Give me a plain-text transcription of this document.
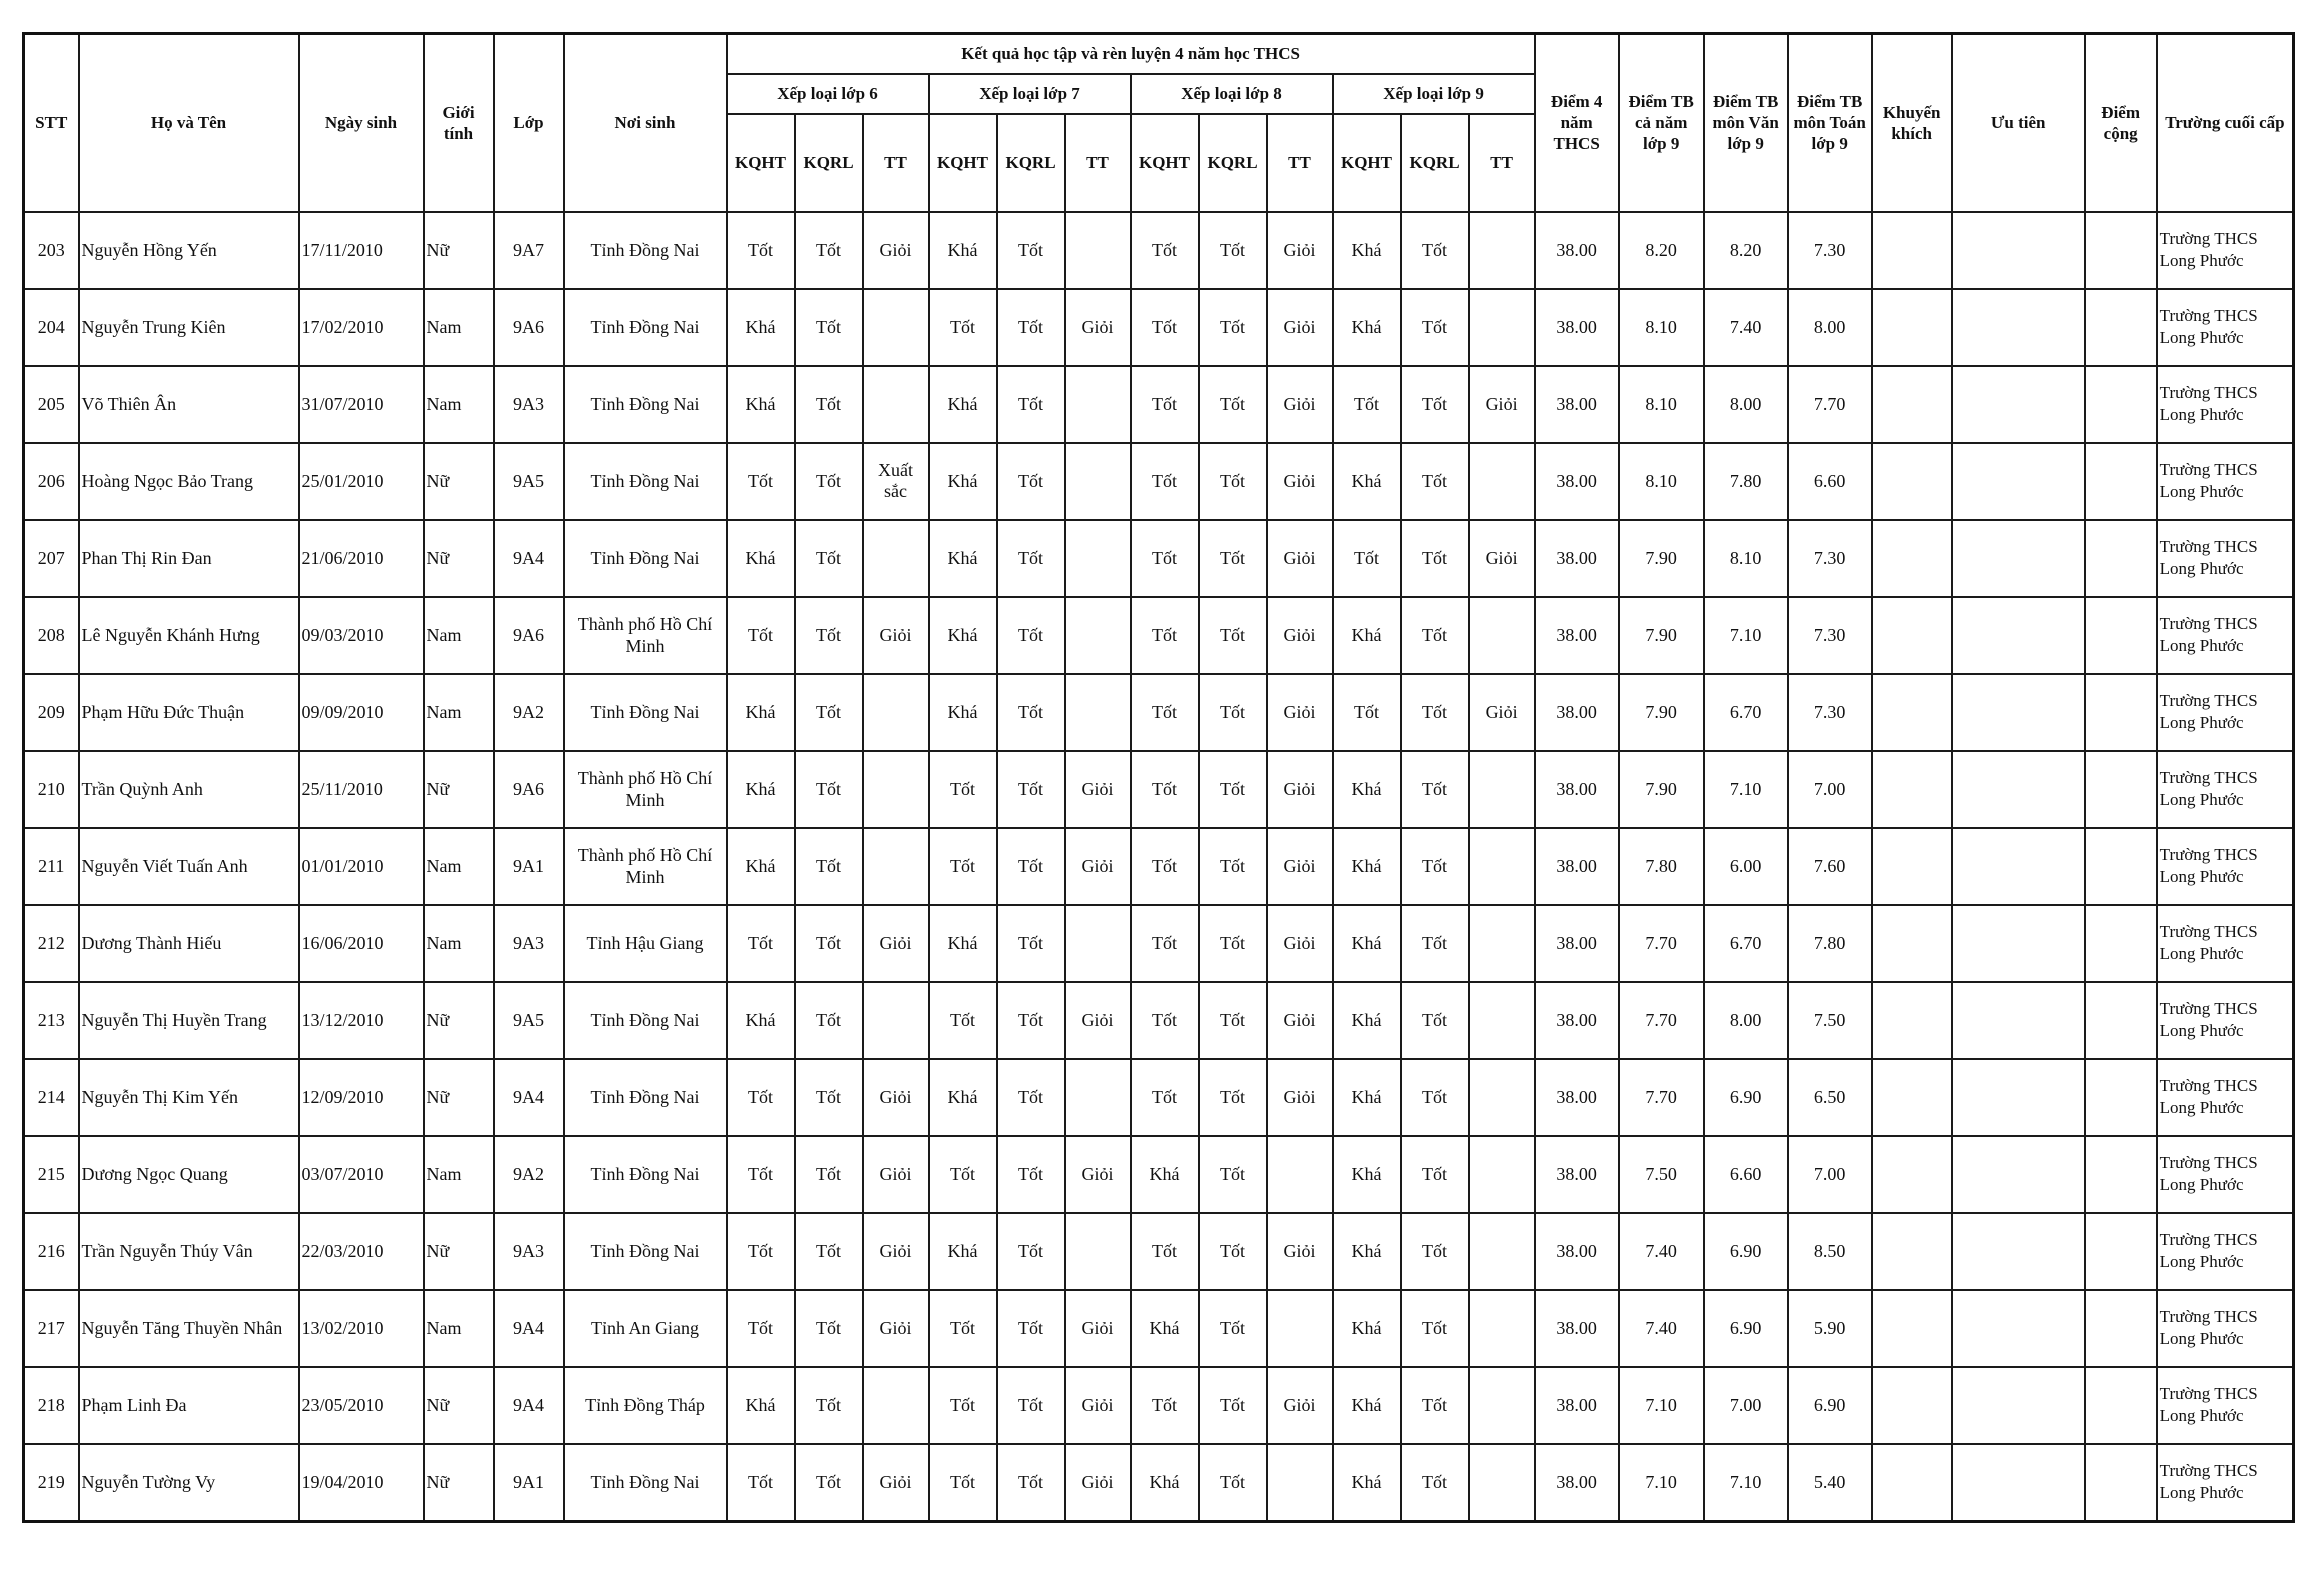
STT	Họ và Tên	Ngày sinh	Giới tính	Lớp	Nơi sinh	Kết quả học tập và rèn luyện 4 năm học THCS												Điểm 4 năm THCS	Điểm TB cả năm lớp 9	Điểm TB môn Văn lớp 9	Điểm TB môn Toán lớp 9	Khuyến khích	Ưu tiên	Điểm cộng	Trường cuối cấp
						Xếp loại lớp 6			Xếp loại lớp 7			Xếp loại lớp 8			Xếp loại lớp 9										
						KQHT	KQRL	TT	KQHT	KQRL	TT	KQHT	KQRL	TT	KQHT	KQRL	TT								
203	Nguyễn Hồng Yến	17/11/2010	Nữ	9A7	Tỉnh Đồng Nai	Tốt	Tốt	Giỏi	Khá	Tốt		Tốt	Tốt	Giỏi	Khá	Tốt		38.00	8.20	8.20	7.30				Trường THCS Long Phước
204	Nguyễn Trung Kiên	17/02/2010	Nam	9A6	Tỉnh Đồng Nai	Khá	Tốt		Tốt	Tốt	Giỏi	Tốt	Tốt	Giỏi	Khá	Tốt		38.00	8.10	7.40	8.00				Trường THCS Long Phước
205	Võ Thiên Ân	31/07/2010	Nam	9A3	Tỉnh Đồng Nai	Khá	Tốt		Khá	Tốt		Tốt	Tốt	Giỏi	Tốt	Tốt	Giỏi	38.00	8.10	8.00	7.70				Trường THCS Long Phước
206	Hoàng Ngọc Bảo Trang	25/01/2010	Nữ	9A5	Tỉnh Đồng Nai	Tốt	Tốt	Xuất sắc	Khá	Tốt		Tốt	Tốt	Giỏi	Khá	Tốt		38.00	8.10	7.80	6.60				Trường THCS Long Phước
207	Phan Thị Rin Đan	21/06/2010	Nữ	9A4	Tỉnh Đồng Nai	Khá	Tốt		Khá	Tốt		Tốt	Tốt	Giỏi	Tốt	Tốt	Giỏi	38.00	7.90	8.10	7.30				Trường THCS Long Phước
208	Lê Nguyễn Khánh Hưng	09/03/2010	Nam	9A6	Thành phố Hồ Chí Minh	Tốt	Tốt	Giỏi	Khá	Tốt		Tốt	Tốt	Giỏi	Khá	Tốt		38.00	7.90	7.10	7.30				Trường THCS Long Phước
209	Phạm Hữu Đức Thuận	09/09/2010	Nam	9A2	Tỉnh Đồng Nai	Khá	Tốt		Khá	Tốt		Tốt	Tốt	Giỏi	Tốt	Tốt	Giỏi	38.00	7.90	6.70	7.30				Trường THCS Long Phước
210	Trần Quỳnh Anh	25/11/2010	Nữ	9A6	Thành phố Hồ Chí Minh	Khá	Tốt		Tốt	Tốt	Giỏi	Tốt	Tốt	Giỏi	Khá	Tốt		38.00	7.90	7.10	7.00				Trường THCS Long Phước
211	Nguyễn Viết Tuấn Anh	01/01/2010	Nam	9A1	Thành phố Hồ Chí Minh	Khá	Tốt		Tốt	Tốt	Giỏi	Tốt	Tốt	Giỏi	Khá	Tốt		38.00	7.80	6.00	7.60				Trường THCS Long Phước
212	Dương Thành Hiếu	16/06/2010	Nam	9A3	Tỉnh Hậu Giang	Tốt	Tốt	Giỏi	Khá	Tốt		Tốt	Tốt	Giỏi	Khá	Tốt		38.00	7.70	6.70	7.80				Trường THCS Long Phước
213	Nguyễn Thị Huyền Trang	13/12/2010	Nữ	9A5	Tỉnh Đồng Nai	Khá	Tốt		Tốt	Tốt	Giỏi	Tốt	Tốt	Giỏi	Khá	Tốt		38.00	7.70	8.00	7.50				Trường THCS Long Phước
214	Nguyễn Thị Kim Yến	12/09/2010	Nữ	9A4	Tỉnh Đồng Nai	Tốt	Tốt	Giỏi	Khá	Tốt		Tốt	Tốt	Giỏi	Khá	Tốt		38.00	7.70	6.90	6.50				Trường THCS Long Phước
215	Dương Ngọc Quang	03/07/2010	Nam	9A2	Tỉnh Đồng Nai	Tốt	Tốt	Giỏi	Tốt	Tốt	Giỏi	Khá	Tốt		Khá	Tốt		38.00	7.50	6.60	7.00				Trường THCS Long Phước
216	Trần Nguyễn Thúy Vân	22/03/2010	Nữ	9A3	Tỉnh Đồng Nai	Tốt	Tốt	Giỏi	Khá	Tốt		Tốt	Tốt	Giỏi	Khá	Tốt		38.00	7.40	6.90	8.50				Trường THCS Long Phước
217	Nguyễn Tăng Thuyền Nhân	13/02/2010	Nam	9A4	Tỉnh An Giang	Tốt	Tốt	Giỏi	Tốt	Tốt	Giỏi	Khá	Tốt		Khá	Tốt		38.00	7.40	6.90	5.90				Trường THCS Long Phước
218	Phạm Linh Đa	23/05/2010	Nữ	9A4	Tỉnh Đồng Tháp	Khá	Tốt		Tốt	Tốt	Giỏi	Tốt	Tốt	Giỏi	Khá	Tốt		38.00	7.10	7.00	6.90				Trường THCS Long Phước
219	Nguyễn Tường Vy	19/04/2010	Nữ	9A1	Tỉnh Đồng Nai	Tốt	Tốt	Giỏi	Tốt	Tốt	Giỏi	Khá	Tốt		Khá	Tốt		38.00	7.10	7.10	5.40				Trường THCS Long Phước
